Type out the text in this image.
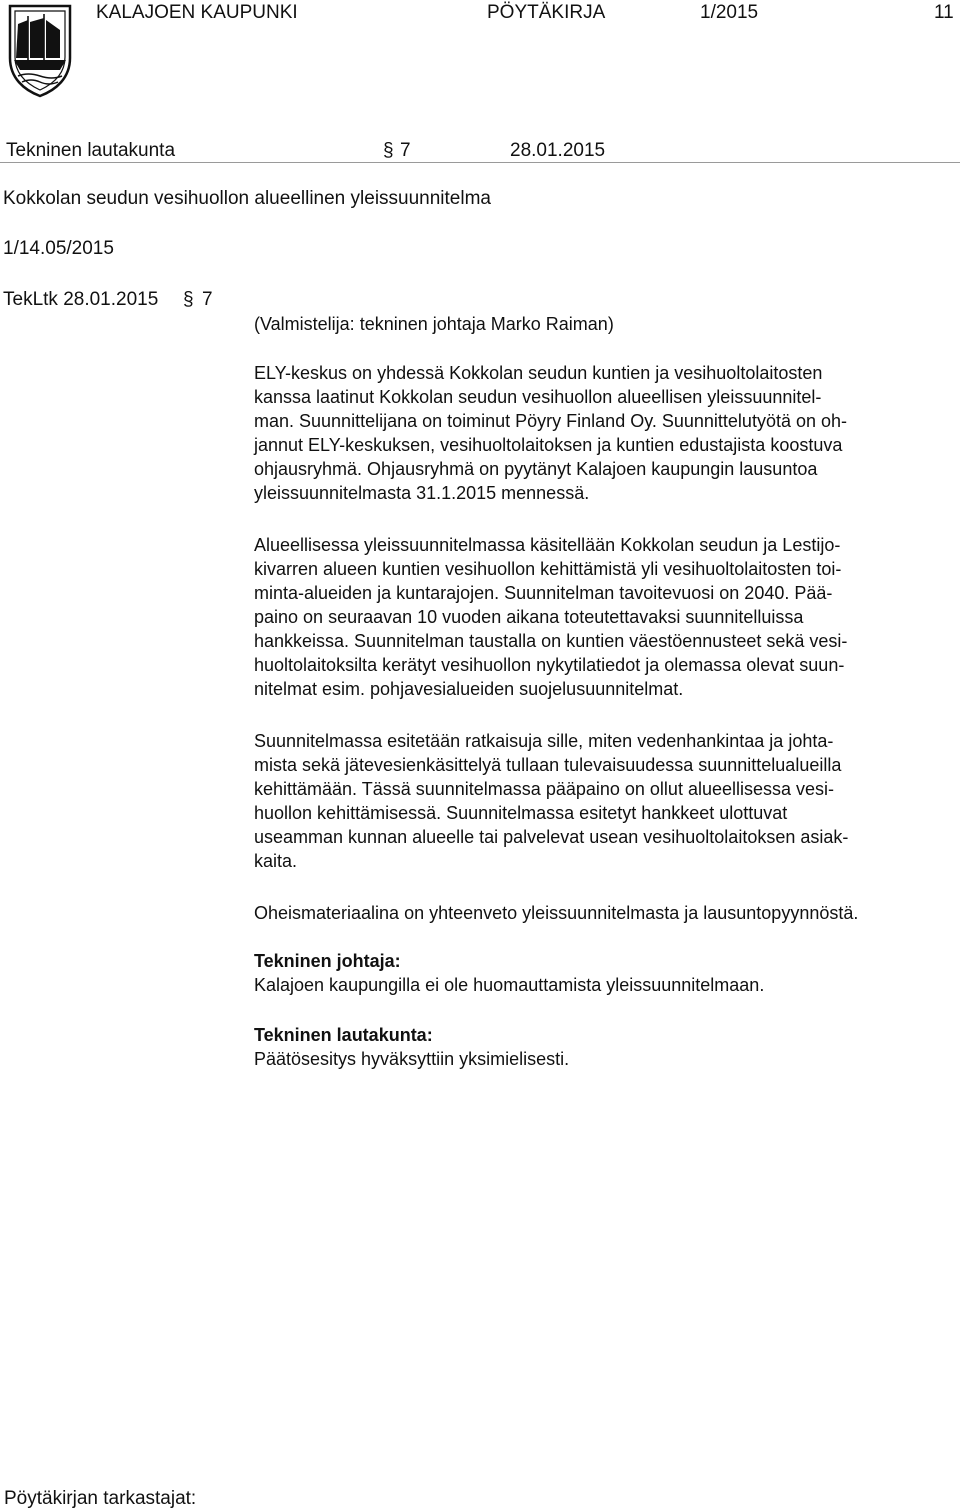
KALAJOEN KAUPUNKI	PÖYTÄKIRJA	1/2015	11
Tekninen lautakunta	§ 7	28.01.2015
Kokkolan seudun vesihuollon alueellinen yleissuunnitelma
1/14.05/2015
TekLtk 28.01.2015 § 7

(Valmistelija: tekninen johtaja Marko Raiman)

ELY-keskus on yhdessä Kokkolan seudun kuntien ja vesihuoltolaitosten

kanssa laatinut Kokkolan seudun vesihuollon alueellisen yleissuunnitel-

man. Suunnittelijana on toiminut Pöyry Finland Oy. Suunnittelutyötä on oh-

jannut ELY-keskuksen, vesihuoltolaitoksen ja kuntien edustajista koostuva

ohjausryhmä. Ohjausryhmä on pyytänyt Kalajoen kaupungin lausuntoa

yleissuunnitelmasta 31.1.2015 mennessä.

Alueellisessa yleissuunnitelmassa käsitellään Kokkolan seudun ja Lestijo-

kivarren alueen kuntien vesihuollon kehittämistä yli vesihuoltolaitosten toi-

minta-alueiden ja kuntarajojen. Suunnitelman tavoitevuosi on 2040. Pää-

paino on seuraavan 10 vuoden aikana toteutettavaksi suunnitelluissa

hankkeissa. Suunnitelman taustalla on kuntien väestöennusteet sekä vesi-

huoltolaitoksilta kerätyt vesihuollon nykytilatiedot ja olemassa olevat suun-

nitelmat esim. pohjavesialueiden suojelusuunnitelmat.

Suunnitelmassa esitetään ratkaisuja sille, miten vedenhankintaa ja johta-

mista sekä jätevesienkäsittelyä tullaan tulevaisuudessa suunnittelualueilla

kehittämään. Tässä suunnitelmassa pääpaino on ollut alueellisessa vesi-

huollon kehittämisessä. Suunnitelmassa esitetyt hankkeet ulottuvat

useamman kunnan alueelle tai palvelevat usean vesihuoltolaitoksen asiak-

kaita.

Oheismateriaalina on yhteenveto yleissuunnitelmasta ja lausuntopyynnöstä.

Tekninen johtaja:

Kalajoen kaupungilla ei ole huomauttamista yleissuunnitelmaan.

Tekninen lautakunta:

Päätösesitys hyväksyttiin yksimielisesti.

Pöytäkirjan tarkastajat:
